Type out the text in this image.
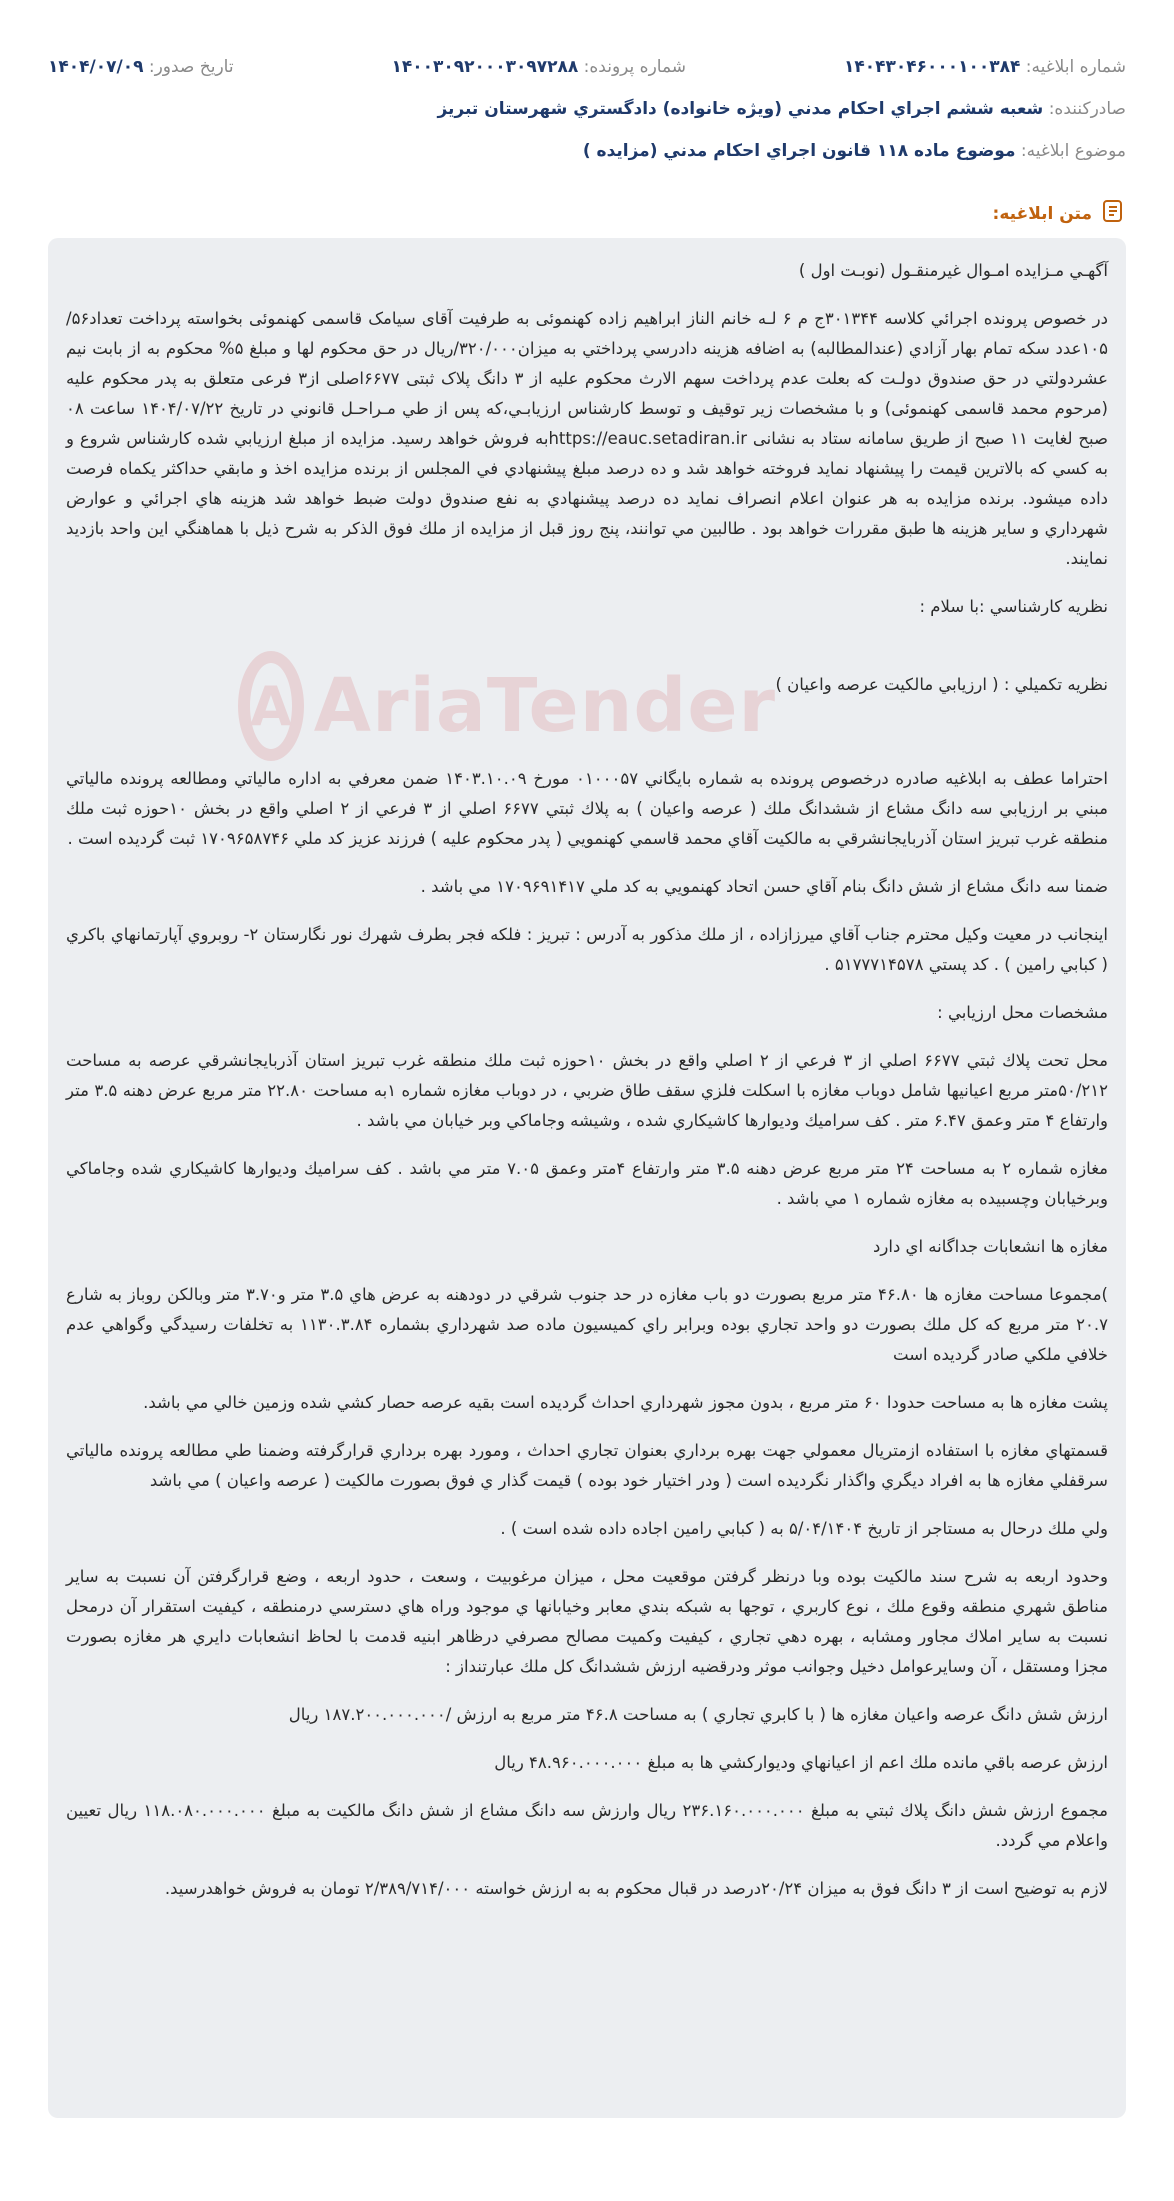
شماره ابلاغیه: ۱۴۰۴۳۰۴۶۰۰۰۱۰۰۳۸۴
شماره پرونده: ۱۴۰۰۳۰۹۲۰۰۰۳۰۹۷۲۸۸
تاریخ صدور: ۱۴۰۴/۰۷/۰۹
صادرکننده: شعبه ششم اجراي احكام مدني (ويژه خانواده) دادگستري شهرستان تبريز
موضوع ابلاغیه: موضوع ماده ۱۱۸ قانون اجراي احكام مدني (مزايده )
متن ابلاغیه:
A AriaTender

آگهـي مـزايده امـوال غيرمنقـول (نوبـت اول )

در خصوص پرونده اجرائي كلاسه ۳۰۱۳۴۴ج م ۶ لـه خانم الناز ابراهیم زاده کهنموئی به طرفيت آقای سیامک قاسمی کهنموئی بخواسته پرداخت تعداد۵۶/ ۱۰۵عدد سکه تمام بهار آزادي (عندالمطالبه) به اضافه هزينه دادرسي پرداختي به ميزان۳۲۰/۰۰۰/ريال در حق محكوم لها و مبلغ ۵% محكوم به از بابت نيم عشردولتي در حق صندوق دولـت که بعلت عدم پرداخت سهم الارث محکوم علیه از ۳ دانگ پلاک ثبتی ۶۶۷۷اصلی از۳ فرعی متعلق به پدر محکوم علیه (مرحوم محمد قاسمی کهنموئی) و با مشخصات زير توقيف و توسط كارشناس ارزيابـي،كه پس از طي مـراحـل قانوني در تاريخ ۱۴۰۴/۰۷/۲۲ ساعت ۰۸ صبح لغایت ۱۱ صبح از طریق سامانه ستاد به نشانی https://eauc.setadiran.irبه فروش خواهد رسيد. مزايده از مبلغ ارزيابي شده كارشناس شروع و به كسي كه بالاترين قيمت را پيشنهاد نمايد فروخته خواهد شد و ده درصد مبلغ پيشنهادي في المجلس از برنده مزايده اخذ و مابقي حداكثر يكماه فرصت داده ميشود. برنده مزايده به هر عنوان اعلام انصراف نمايد ده درصد پيشنهادي به نفع صندوق دولت ضبط خواهد شد هزينه هاي اجرائي و عوارض شهرداري و ساير هزينه ها طبق مقررات خواهد بود . طالبين مي توانند، پنج روز قبل از مزايده از ملك فوق الذكر به شرح ذيل با هماهنگي اين واحد بازديد نمايند.

نظريه كارشناسي :با سلام :

نظريه تكميلي : ( ارزيابي مالكيت عرصه واعيان )

احتراما عطف به ابلاغيه صادره درخصوص پرونده به شماره بايگاني ۰۱۰۰۰۵۷ مورخ ۱۴۰۳.۱۰.۰۹ ضمن معرفي به اداره مالياتي ومطالعه پرونده مالياتي مبني بر ارزيابي سه دانگ مشاع از ششدانگ ملك ( عرصه واعيان ) به پلاك ثبتي ۶۶۷۷ اصلي از ۳ فرعي از ۲ اصلي واقع در بخش ۱۰حوزه ثبت ملك منطقه غرب تبريز استان آذربايجانشرقي به مالكيت آقاي محمد قاسمي كهنمويي ( پدر محكوم عليه ) فرزند عزيز كد ملي ۱۷۰۹۶۵۸۷۴۶ ثبت گرديده است .

ضمنا سه دانگ مشاع از شش دانگ بنام آقاي حسن اتحاد كهنمويي به كد ملي ۱۷۰۹۶۹۱۴۱۷ مي باشد .

اينجانب در معيت وكيل محترم جناب آقاي ميرزازاده ، از ملك مذكور به آدرس : تبريز : فلكه فجر بطرف شهرك نور نگارستان ۲- روبروي آپارتمانهاي باكري ( كبابي رامين ) . كد پستي ۵۱۷۷۷۱۴۵۷۸ .

مشخصات محل ارزيابي :

محل تحت پلاك ثبتي ۶۶۷۷ اصلي از ۳ فرعي از ۲ اصلي واقع در بخش ۱۰حوزه ثبت ملك منطقه غرب تبريز استان آذربايجانشرقي عرصه به مساحت ۵۰/۲۱۲متر مربع اعيانيها شامل دوباب مغازه با اسكلت فلزي سقف طاق ضربي ، در دوباب مغازه شماره ۱به مساحت ۲۲.۸۰ متر مربع عرض دهنه ۳.۵ متر وارتفاع ۴ متر وعمق ۶.۴۷ متر . كف سراميك وديوارها كاشيكاري شده ، وشيشه وجاماكي وبر خيابان مي باشد .

مغازه شماره ۲ به مساحت ۲۴ متر مربع عرض دهنه ۳.۵ متر وارتفاع ۴متر وعمق ۷.۰۵ متر مي باشد . كف سراميك وديوارها كاشيكاري شده وجاماكي وبرخيابان وچسبيده به مغازه شماره ۱ مي باشد .

مغازه ها انشعابات جداگانه اي دارد

)مجموعا مساحت مغازه ها ۴۶.۸۰ متر مربع بصورت دو باب مغازه در حد جنوب شرقي در دودهنه به عرض هاي ۳.۵ متر و۳.۷۰ متر وبالكن روباز به شارع ۲۰.۷ متر مربع كه كل ملك بصورت دو واحد تجاري بوده وبرابر راي كميسيون ماده صد شهرداري بشماره ۱۱۳۰.۳.۸۴ به تخلفات رسيدگي وگواهي عدم خلافي ملكي صادر گرديده است

پشت مغازه ها به مساحت حدودا ۶۰ متر مربع ، بدون مجوز شهرداري احداث گرديده است بقيه عرصه حصار كشي شده وزمين خالي مي باشد.

قسمتهاي مغازه با استفاده ازمتريال معمولي جهت بهره برداري بعنوان تجاري احداث ، ومورد بهره برداري قرارگرفته وضمنا طي مطالعه پرونده مالياتي سرقفلي مغازه ها به افراد ديگري واگذار نگرديده است ( ودر اختيار خود بوده ) قيمت گذار ي فوق بصورت مالكيت ( عرصه واعيان ) مي باشد

ولي ملك درحال به مستاجر از تاريخ ۵/۰۴/۱۴۰۴ به ( كبابي رامين اجاده داده شده است ) .

وحدود اربعه به شرح سند مالكيت بوده وبا درنظر گرفتن موقعيت محل ، ميزان مرغوبيت ، وسعت ، حدود اربعه ، وضع قرارگرفتن آن نسبت به ساير مناطق شهري منطقه وقوع ملك ، نوع كاربري ، توجها به شبكه بندي معابر وخيابانها ي موجود وراه هاي دسترسي درمنطقه ، كيفيت استقرار آن درمحل نسبت به ساير املاك مجاور ومشابه ، بهره دهي تجاري ، كيفيت وكميت مصالح مصرفي درظاهر ابنيه قدمت با لحاظ انشعابات دايري هر مغازه بصورت مجزا ومستقل ، آن وسايرعوامل دخيل وجوانب موثر ودرقضيه ارزش ششدانگ كل ملك عبارتنداز :

ارزش شش دانگ عرصه واعيان مغازه ها ( با كابري تجاري ) به مساحت ۴۶.۸ متر مربع به ارزش /۱۸۷.۲۰۰.۰۰۰.۰۰۰ ريال

ارزش عرصه باقي مانده ملك اعم از اعيانهاي وديواركشي ها به مبلغ ۴۸.۹۶۰.۰۰۰.۰۰۰ ريال

مجموع ارزش شش دانگ پلاك ثبتي به مبلغ ۲۳۶.۱۶۰.۰۰۰.۰۰۰ ريال وارزش سه دانگ مشاع از شش دانگ مالكيت به مبلغ ۱۱۸.۰۸۰.۰۰۰.۰۰۰ ريال تعيين واعلام مي گردد.

لازم به توضيح است از ۳ دانگ فوق به میزان ۲۰/۲۴درصد در قبال محکوم به به ارزش خواسته ۲/۳۸۹/۷۱۴/۰۰۰ تومان به فروش خواهدرسید.
